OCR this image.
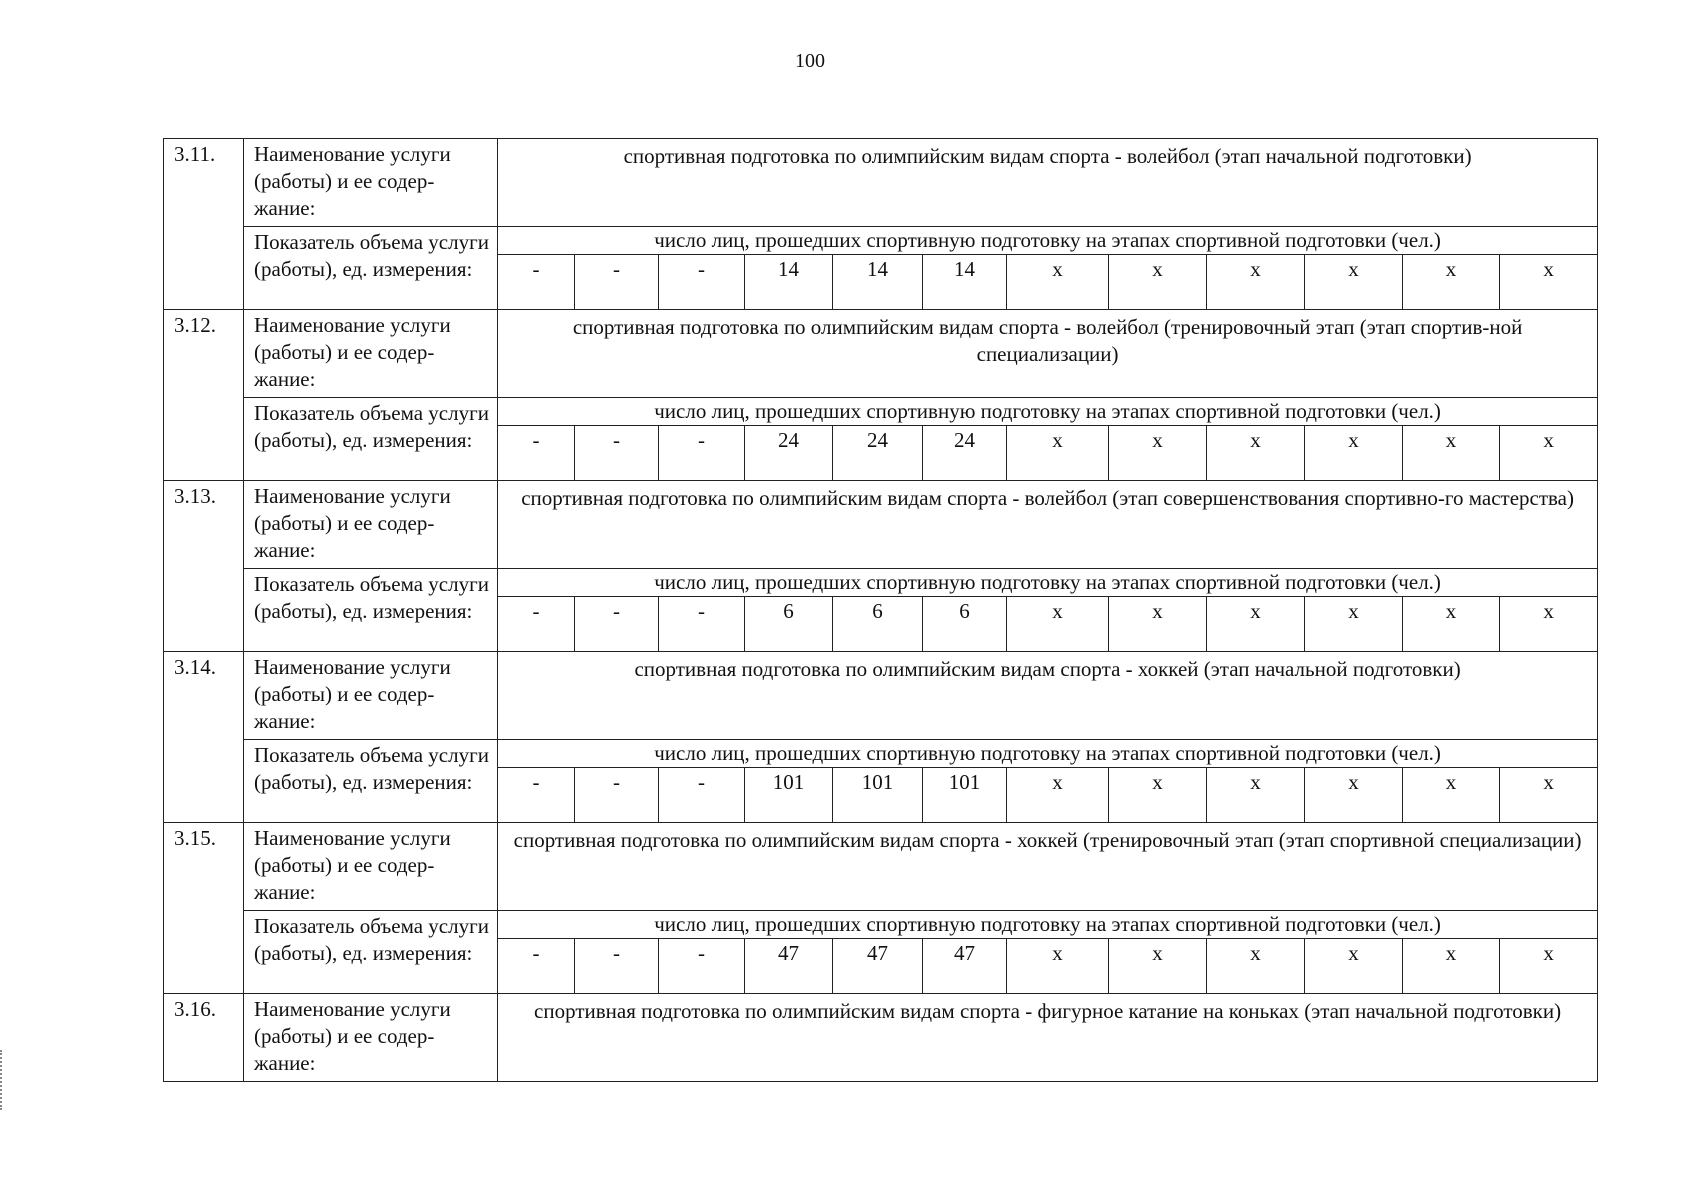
100
3.11.	Наименование услуги (работы) и ее содер-жание:	спортивная подготовка по олимпийским видам спорта - волейбол (этап начальной подготовки)											
	Показатель объема услуги (работы), ед. измерения:	число лиц, прошедших спортивную подготовку на этапах спортивной подготовки (чел.)											
		-	-	-	14	14	14	x	x	x	x	x	x
3.12.	Наименование услуги (работы) и ее содер-жание:	спортивная подготовка по олимпийским видам спорта - волейбол (тренировочный этап (этап спортив-ной специализации)											
	Показатель объема услуги (работы), ед. измерения:	число лиц, прошедших спортивную подготовку на этапах спортивной подготовки (чел.)											
		-	-	-	24	24	24	x	x	x	x	x	x
3.13.	Наименование услуги (работы) и ее содер-жание:	спортивная подготовка по олимпийским видам спорта - волейбол (этап совершенствования спортивно-го мастерства)											
	Показатель объема услуги (работы), ед. измерения:	число лиц, прошедших спортивную подготовку на этапах спортивной подготовки (чел.)											
		-	-	-	6	6	6	x	x	x	x	x	x
3.14.	Наименование услуги (работы) и ее содер-жание:	спортивная подготовка по олимпийским видам спорта - хоккей (этап начальной подготовки)											
	Показатель объема услуги (работы), ед. измерения:	число лиц, прошедших спортивную подготовку на этапах спортивной подготовки (чел.)											
		-	-	-	101	101	101	x	x	x	x	x	x
3.15.	Наименование услуги (работы) и ее содер-жание:	спортивная подготовка по олимпийским видам спорта - хоккей (тренировочный этап (этап спортивной специализации)											
	Показатель объема услуги (работы), ед. измерения:	число лиц, прошедших спортивную подготовку на этапах спортивной подготовки (чел.)											
		-	-	-	47	47	47	x	x	x	x	x	x
3.16.	Наименование услуги (работы) и ее содер-жание:	спортивная подготовка по олимпийским видам спорта - фигурное катание на коньках (этап начальной подготовки)											
